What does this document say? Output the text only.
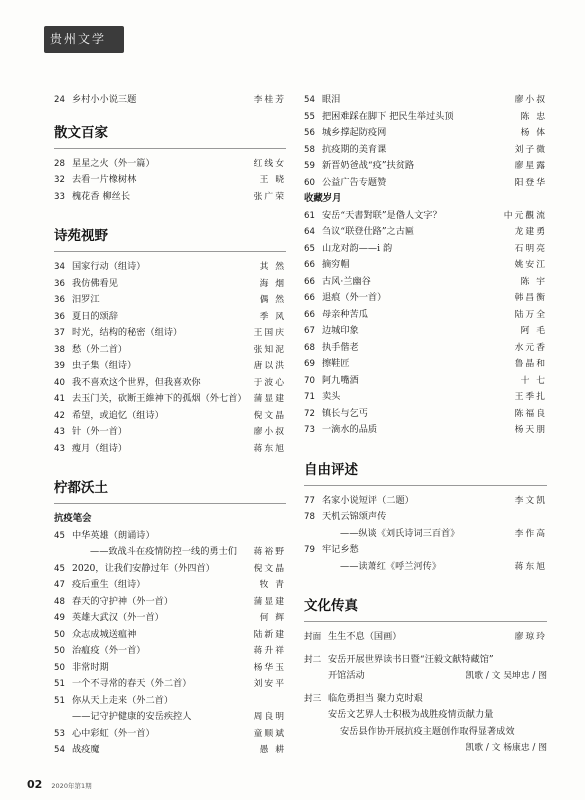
贵州文学
24 乡村小小说三题	李桂芳
散文百家
28 星星之火（外一篇）	红线女
32 去看一片橡树林	王 晓
33 槐花香 柳丝长	张广荣
诗苑视野
34 国家行动（组诗）	其 然
36 我仿佛看见	海 烟
36 汨罗江	偶 然
36 夏日的颂辞	季 风
37 时光，结构的秘密（组诗）	王国庆
38 愁（外二首）	张知泥
39 虫子集（组诗）	唐以洪
40 我不喜欢这个世界，但我喜欢你	于波心
41 去玉门关，砍断王維神下的孤烟（外七首） 蒲显建
42 希望，或追忆（组诗）	倪文晶
43 针（外一首）	廖小叔
43 瘦月（组诗）	蒋东旭
柠都沃土
抗疫笔会
45 中华英雄（朗诵诗）
——致战斗在疫情防控一线的勇士们	蒋裕野
45 2020，让我们安静过年（外四首）	倪文晶
47 疫后重生（组诗）	牧 青
48 春天的守护神（外一首）	蒲显建
49 英雄大武汉（外一首）	何 辉
50 众志成城送瘟神	陆新建
50 治瘟疫（外一首）	蒋升祥
50 非常时期	杨华玉
51 一个不寻常的春天（外二首）	刘安平
51 你从天上走来（外二首）
——记守护健康的安岳疾控人	周良明
53 心中彩虹（外一首）	童顺斌
54 战疫魔	愚 耕
54 眼泪	廖小叔
55 把困难踩在脚下 把民生举过头顶	陈 忠
56 城乡撑起防疫网	杨 体
58 抗疫期的美育课	刘子微
59 新晋奶爸战“疫”扶贫路	廖星露
60 公益广告专题赞	阳登华
收藏岁月
61 安岳“天書對联”是偺人文字？	中元觀流
64 刍议“联登仕路”之古匾	龙建勇
65 山龙对韵——i 韵	石明亮
66 摘穷帽	姚安江
66 古风·兰幽谷	陈 宇
66 退痕（外一首）	韩昌衡
66 母亲种苦瓜	陆万全
67 边城印象	阿 毛
68 执手偕老	水元香
69 擦鞋匠	鲁晶和
70 阿九嘴酒	十 七
71 卖头	王季扎
72 镇长与乞丐	陈福良
73 一滴水的品质	杨天朋
自由评述
77 名家小说短评（二题）	李文凯
78 天机云锦颂声传
——纵谈《刘氏诗词三百首》	李作高
79 牢记乡愁
——读萧红《呼兰河传》	蒋东旭
文化传真
封面 生生不息（国画）	廖琼玲
封二 安岳开展世界读书日暨“汪毅文献特藏馆”
开馆活动	凯歌 / 文 吴坤忠 / 图
封三 临危勇担当 聚力克时艰
安岳文艺界人士积极为战胜疫情贡献力量
安岳县作协开展抗疫主题创作取得显著成效
凯歌 / 文 杨康忠 / 图
02 2020年第1期
